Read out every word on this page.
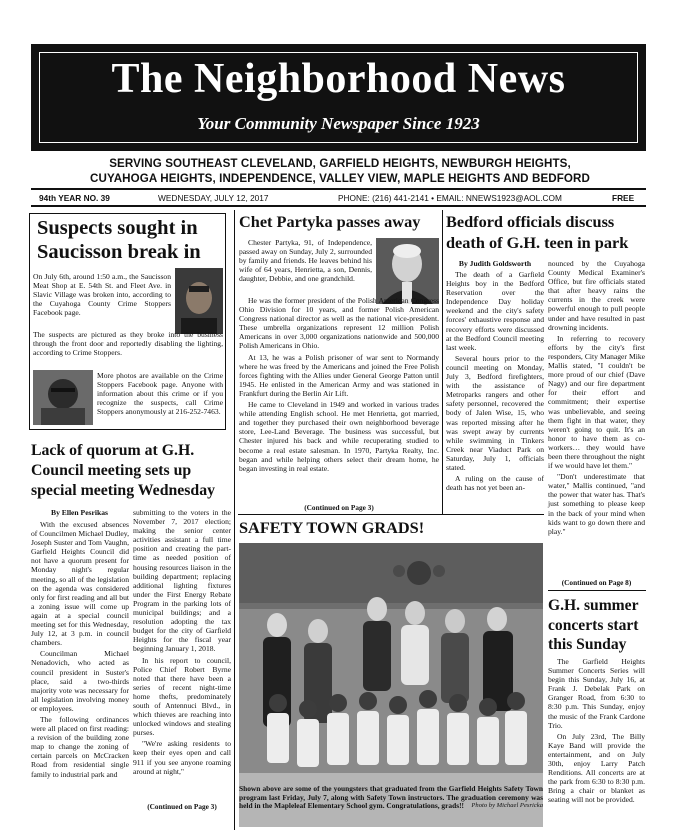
The Neighborhood News
Your Community Newspaper Since 1923
SERVING SOUTHEAST CLEVELAND, GARFIELD HEIGHTS, NEWBURGH HEIGHTS,
CUYAHOGA HEIGHTS, INDEPENDENCE, VALLEY VIEW, MAPLE HEIGHTS AND BEDFORD
94th YEAR NO. 39	WEDNESDAY, JULY 12, 2017	PHONE: (216) 441-2141 • EMAIL: NNEWS1923@AOL.COM	FREE
Suspects sought in Saucisson break in
On July 6th, around 1:50 a.m., the Saucisson Meat Shop at E. 54th St. and Fleet Ave. in Slavic Village was broken into, according to the Cuyahoga County Crime Stoppers Facebook page.
The suspects are pictured as they broke into the business through the front door and reportedly disabling the lighting, according to Crime Stoppers.
More photos are available on the Crime Stoppers Facebook page. Anyone with information about this crime or if you recognize the suspects, call Crime Stoppers anonymously at 216-252-7463.
Lack of quorum at G.H. Council meeting sets up special meeting Wednesday
By Ellen Pesrikas

With the excused absences of Councilmen Michael Dudley, Joseph Suster and Tom Vaughn, Garfield Heights Council did not have a quorum present for Monday night's regular meeting, so all of the legislation on the agenda was considered only for first reading and all but a zoning issue will come up again at a special council meeting set for this Wednesday, July 12, at 3 p.m. in council chambers.

Councilman Michael Nenadovich, who acted as council president in Suster's place, said a two-thirds majority vote was necessary for all legislation involving money or employees.

The following ordinances were all placed on first reading: a revision of the building zone map to change the zoning of certain parcels on McCracken Road from residential single family to industrial park and

submitting to the voters in the November 7, 2017 election; making the senior center activities assistant a full time position and creating the part-time as needed position of housing resources liaison in the building department; replacing additional lighting fixtures under the First Energy Rebate Program in the parking lots of municipal buildings; and a resolution adopting the tax budget for the city of Garfield Heights for the fiscal year beginning January 1, 2018.

In his report to council, Police Chief Robert Byrne noted that there have been a series of recent night-time home thefts, predominately south of Antennuci Blvd., in which thieves are reaching into unlocked windows and stealing purses.

"We're asking residents to keep their eyes open and call 911 if you see anyone roaming around at night,"

(Continued on Page 3)
Chet Partyka passes away

Chester Partyka, 91, of Independence, passed away on Sunday, July 2, surrounded by family and friends. He leaves behind his wife of 64 years, Henrietta, a son, Dennis, daughter, Debbie, and one grandchild.

He was the former president of the Polish American Congress Ohio Division for 10 years, and former Polish American Congress national director as well as the national vice-president. These umbrella organizations represent 12 million Polish Americans in over 3,000 organizations nationwide and 500,000 Polish Americans in Ohio.

At 13, he was a Polish prisoner of war sent to Normandy where he was freed by the Americans and joined the Free Polish forces fighting with the Allies under General George Patton until 1945. He enlisted in the American Army and was stationed in Frankfurt during the Berlin Air Lift.

He came to Cleveland in 1949 and worked in various trades while attending English school. He met Henrietta, got married, and together they purchased their own neighborhood beverage store, Lee-Land Beverage. The business was successful, but Chester injured his back and while recuperating studied to become a real estate salesman. In 1970, Partyka Realty, Inc. began and while helping others select their dream home, he began investing in real estate.

(Continued on Page 3)
Bedford officials discuss death of G.H. teen in park
By Judith Goldsworth

The death of a Garfield Heights boy in the Bedford Reservation over the Independence Day holiday weekend and the city's safety forces' exhaustive response and recovery efforts were discussed at the Bedford Council meeting last week.

Several hours prior to the council meeting on Monday, July 3, Bedford firefighters, with the assistance of Metroparks rangers and other safety personnel, recovered the body of Jalen Wise, 15, who was reported missing after he was swept away by currents while swimming in Tinkers Creek near Viaduct Park on Saturday, July 1, officials stated.

A ruling on the cause of death has not yet been an-

nounced by the Cuyahoga County Medical Examiner's Office, but fire officials stated that after heavy rains the currents in the creek were powerful enough to pull people under and have resulted in past drowning incidents.

In referring to recovery efforts by the city's first responders, City Manager Mike Mallis stated, "I couldn't be more proud of our chief (Dave Nagy) and our fire department for their effort and commitment; their expertise was unbelievable, and seeing them fight in that water, they weren't going to quit. It's an honor to have them as co-workers… they would have been there throughout the night if we would have let them."

"Don't underestimate that water," Mallis continued, "and the power that water has. That's just something to please keep in the back of your mind when kids want to go down there and play."

(Continued on Page 8)
SAFETY TOWN GRADS!
Shown above are some of the youngsters that graduated from the Garfield Heights Safety Town program last Friday, July 7, along with Safety Town instructors. The graduation ceremony was held in the Mapleleaf Elementary School gym. Congratulations, grads!! Photo by Michael Pesricka
G.H. summer concerts start this Sunday

The Garfield Heights Summer Concerts Series will begin this Sunday, July 16, at Frank J. Debelak Park on Granger Road, from 6:30 to 8:30 p.m. This Sunday, enjoy the music of the Frank Cardone Trio.

On July 23rd, The Billy Kaye Band will provide the entertainment, and on July 30th, enjoy Larry Patch Renditions. All concerts are at the park from 6:30 to 8:30 p.m. Bring a chair or blanket as seating will not be provided.
